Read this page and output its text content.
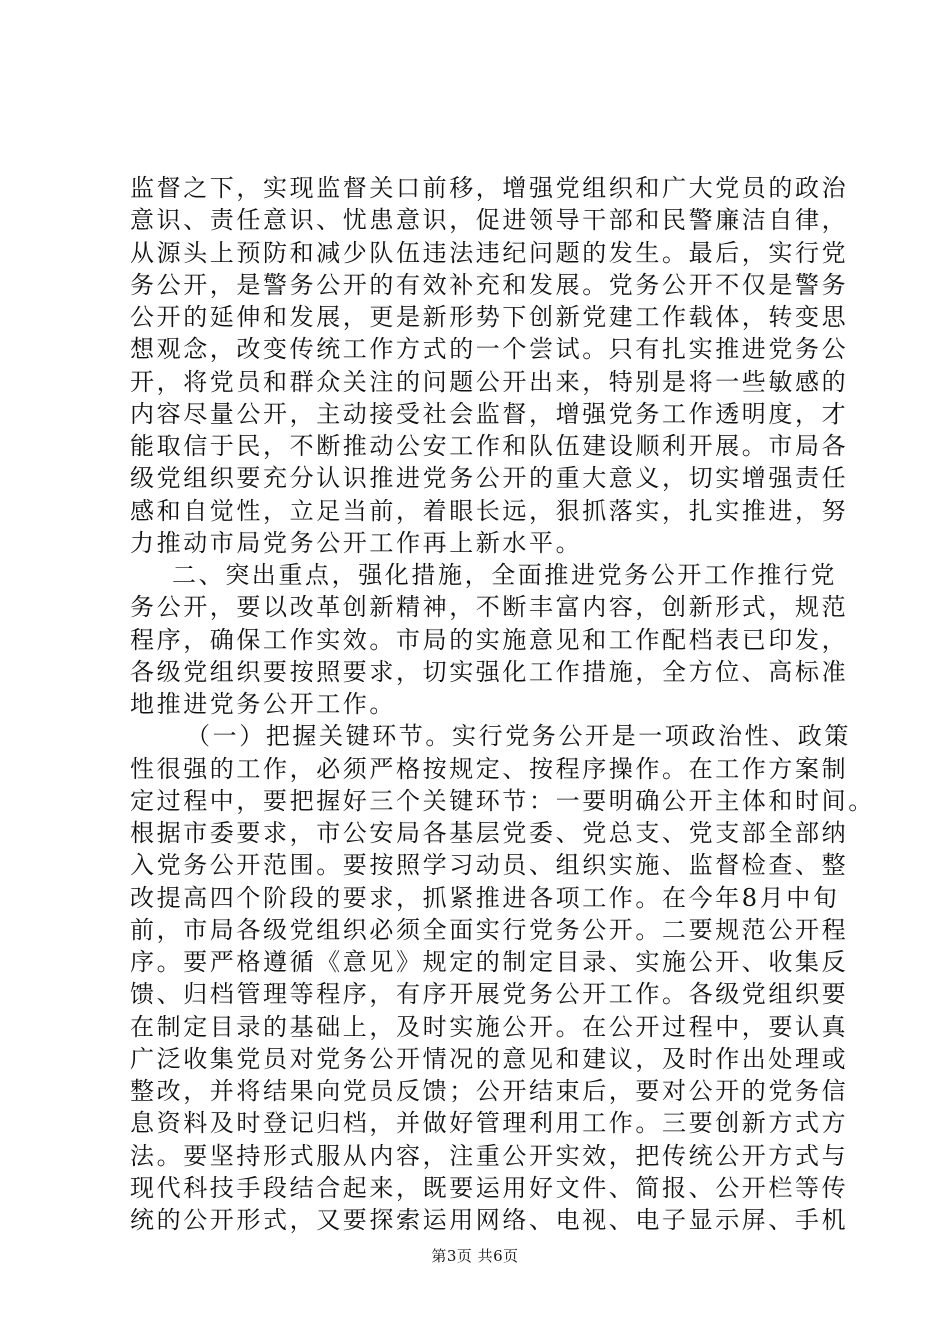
监督之下，实现监督关口前移，增强党组织和广大党员的政治
意识、责任意识、忧患意识，促进领导干部和民警廉洁自律，
从源头上预防和减少队伍违法违纪问题的发生。最后，实行党
务公开，是警务公开的有效补充和发展。党务公开不仅是警务
公开的延伸和发展，更是新形势下创新党建工作载体，转变思
想观念，改变传统工作方式的一个尝试。只有扎实推进党务公
开，将党员和群众关注的问题公开出来，特别是将一些敏感的
内容尽量公开，主动接受社会监督，增强党务工作透明度，才
能取信于民，不断推动公安工作和队伍建设顺利开展。市局各
级党组织要充分认识推进党务公开的重大意义，切实增强责任
感和自觉性，立足当前，着眼长远，狠抓落实，扎实推进，努
力推动市局党务公开工作再上新水平。
二、突出重点，强化措施，全面推进党务公开工作推行党
务公开，要以改革创新精神，不断丰富内容，创新形式，规范
程序，确保工作实效。市局的实施意见和工作配档表已印发，
各级党组织要按照要求，切实强化工作措施，全方位、高标准
地推进党务公开工作。
（一）把握关键环节。实行党务公开是一项政治性、政策
性很强的工作，必须严格按规定、按程序操作。在工作方案制
定过程中，要把握好三个关键环节：一要明确公开主体和时间。
根据市委要求，市公安局各基层党委、党总支、党支部全部纳
入党务公开范围。要按照学习动员、组织实施、监督检查、整
改提高四个阶段的要求，抓紧推进各项工作。在今年8月中旬
前，市局各级党组织必须全面实行党务公开。二要规范公开程
序。要严格遵循《意见》规定的制定目录、实施公开、收集反
馈、归档管理等程序，有序开展党务公开工作。各级党组织要
在制定目录的基础上，及时实施公开。在公开过程中，要认真
广泛收集党员对党务公开情况的意见和建议，及时作出处理或
整改，并将结果向党员反馈；公开结束后，要对公开的党务信
息资料及时登记归档，并做好管理利用工作。三要创新方式方
法。要坚持形式服从内容，注重公开实效，把传统公开方式与
现代科技手段结合起来，既要运用好文件、简报、公开栏等传
统的公开形式，又要探索运用网络、电视、电子显示屏、手机
第3页 共6页
